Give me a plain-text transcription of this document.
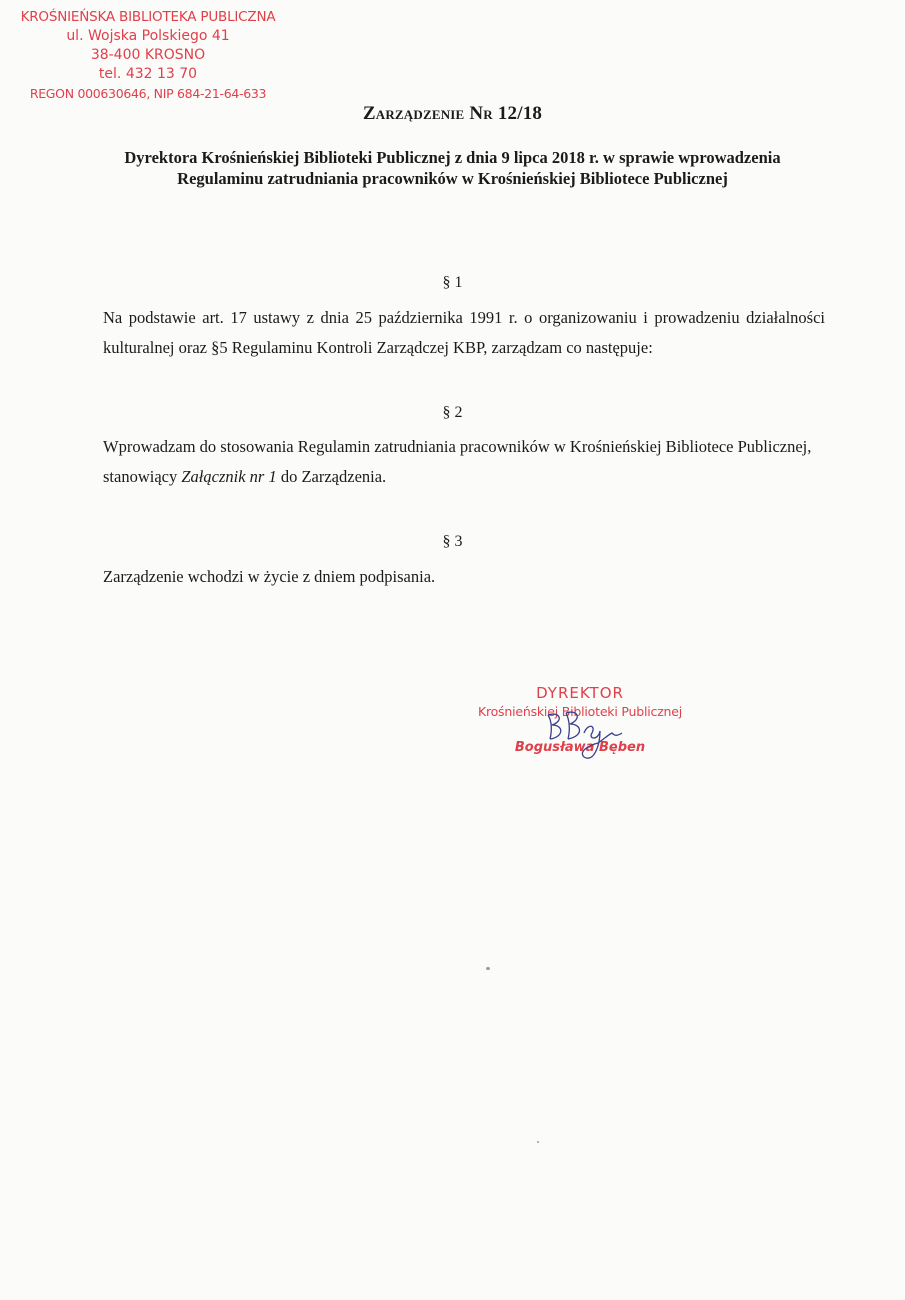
KROŚNIEŃSKA BIBLIOTEKA PUBLICZNA
ul. Wojska Polskiego 41
38-400 KROSNO
tel. 432 13 70
REGON 000630646, NIP 684-21-64-633
Zarządzenie Nr 12/18
Dyrektora Krośnieńskiej Biblioteki Publicznej z dnia 9 lipca 2018 r. w sprawie wprowadzenia Regulaminu zatrudniania pracowników w Krośnieńskiej Bibliotece Publicznej
§ 1
Na podstawie art. 17 ustawy z dnia 25 października 1991 r. o organizowaniu i prowadzeniu działalności kulturalnej oraz §5 Regulaminu Kontroli Zarządczej KBP, zarządzam co następuje:
§ 2
Wprowadzam do stosowania Regulamin zatrudniania pracowników w Krośnieńskiej Bibliotece Publicznej, stanowiący Załącznik nr 1 do Zarządzenia.
§ 3
Zarządzenie wchodzi w życie z dniem podpisania.
DYREKTOR
Krośnieńskiej Biblioteki Publicznej
Bogusława Bęben
